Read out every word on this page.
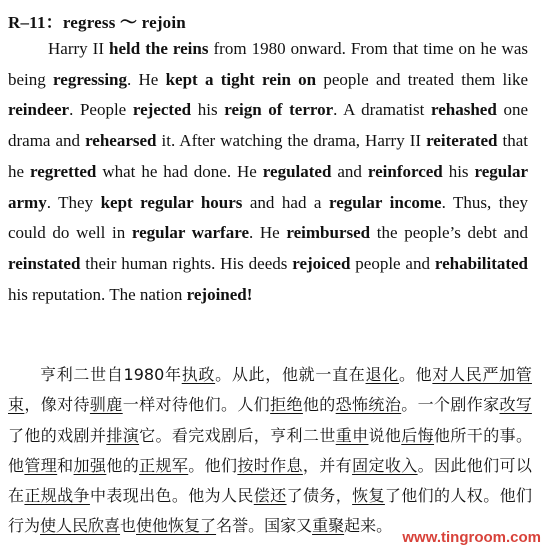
R–11：regress ～ rejoin

Harry II held the reins from 1980 onward. From that time on he was being regressing. He kept a tight rein on people and treated them like reindeer. People rejected his reign of terror. A dramatist rehashed one drama and rehearsed it. After watching the drama, Harry II reiterated that he regretted what he had done. He regulated and reinforced his regular army. They kept regular hours and had a regular income. Thus, they could do well in regular warfare. He reimbursed the people’s debt and reinstated their human rights. His deeds rejoiced people and rehabilitated his reputation. The nation rejoined!

亨利二世自1980年执政。从此，他就一直在退化。他对人民严加管束，像对待驯鹿一样对待他们。人们拒绝他的恐怖统治。一个剧作家改写了他的戏剧并排演它。看完戏剧后，亨利二世重申说他后悔他所干的事。他管理和加强他的正规军。他们按时作息，并有固定收入。因此他们可以在正规战争中表现出色。他为人民偿还了债务，恢复了他们的人权。他们行为使人民欣喜也使他恢复了名誉。国家又重聚起来。

www.tingroom.com
